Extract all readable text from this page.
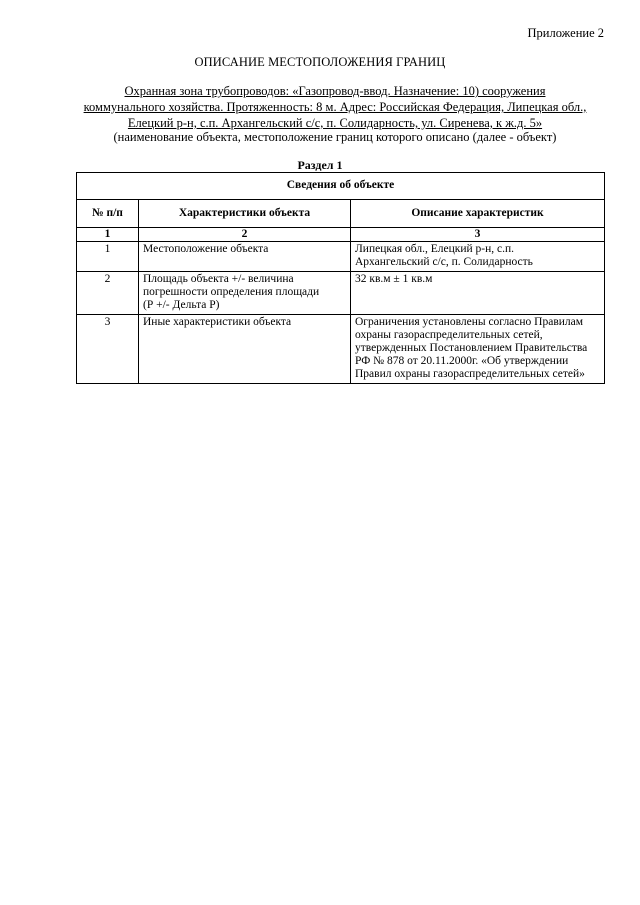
Приложение 2
ОПИСАНИЕ МЕСТОПОЛОЖЕНИЯ ГРАНИЦ
Охранная зона трубопроводов: «Газопровод-ввод. Назначение: 10) сооружения
коммунального хозяйства. Протяженность: 8 м. Адрес: Российская Федерация, Липецкая обл.,
Елецкий р-н, с.п. Архангельский с/с, п. Солидарность, ул. Сиренева, к ж.д. 5»
(наименование объекта, местоположение границ которого описано (далее - объект)
Раздел 1
Сведения об объекте		
№ п/п	Характеристики объекта	Описание характеристик
1	2	3
1	Местоположение объекта	Липецкая обл., Елецкий р-н, с.п.
Архангельский с/с, п. Солидарность

2	Площадь объекта +/- величина
погрешности определения площади
(Р +/- Дельта Р)	32 кв.м ± 1 кв.м
3	Иные характеристики объекта	Ограничения установлены согласно Правилам
охраны газораспределительных сетей,
утвержденных Постановлением Правительства
РФ № 878 от 20.11.2000г. «Об утверждении
Правил охраны газораспределительных сетей»
